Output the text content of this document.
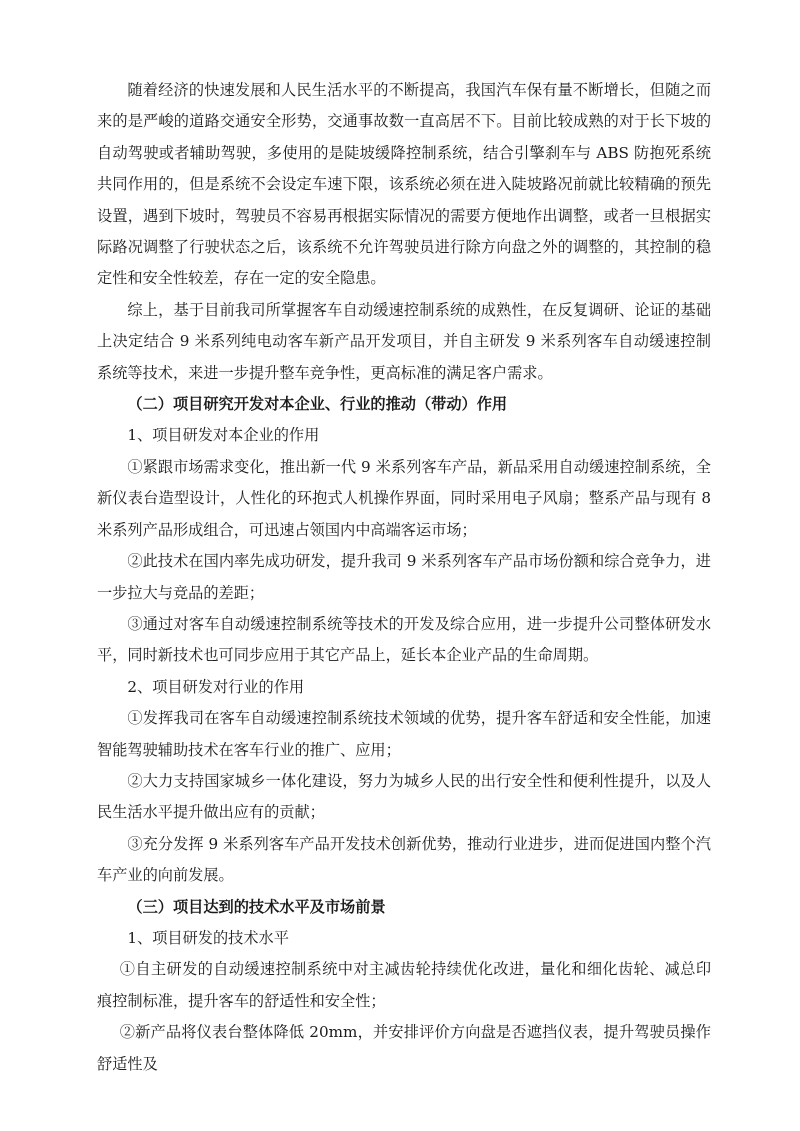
随着经济的快速发展和人民生活水平的不断提高，我国汽车保有量不断增长，但随之而来的是严峻的道路交通安全形势，交通事故数一直高居不下。目前比较成熟的对于长下坡的自动驾驶或者辅助驾驶，多使用的是陡坡缓降控制系统，结合引擎刹车与 ABS 防抱死系统共同作用的，但是系统不会设定车速下限，该系统必须在进入陡坡路况前就比较精确的预先设置，遇到下坡时，驾驶员不容易再根据实际情况的需要方便地作出调整，或者一旦根据实际路况调整了行驶状态之后，该系统不允许驾驶员进行除方向盘之外的调整的，其控制的稳定性和安全性较差，存在一定的安全隐患。

综上，基于目前我司所掌握客车自动缓速控制系统的成熟性，在反复调研、论证的基础上决定结合 9 米系列纯电动客车新产品开发项目，并自主研发 9 米系列客车自动缓速控制系统等技术，来进一步提升整车竞争性，更高标准的满足客户需求。

（二）项目研究开发对本企业、行业的推动（带动）作用

1、项目研发对本企业的作用

①紧跟市场需求变化，推出新一代 9 米系列客车产品，新品采用自动缓速控制系统，全新仪表台造型设计，人性化的环抱式人机操作界面，同时采用电子风扇；整系产品与现有 8 米系列产品形成组合，可迅速占领国内中高端客运市场；

②此技术在国内率先成功研发，提升我司 9 米系列客车产品市场份额和综合竞争力，进一步拉大与竞品的差距；

③通过对客车自动缓速控制系统等技术的开发及综合应用，进一步提升公司整体研发水平，同时新技术也可同步应用于其它产品上，延长本企业产品的生命周期。

2、项目研发对行业的作用

①发挥我司在客车自动缓速控制系统技术领域的优势，提升客车舒适和安全性能，加速智能驾驶辅助技术在客车行业的推广、应用；

②大力支持国家城乡一体化建设，努力为城乡人民的出行安全性和便利性提升，以及人民生活水平提升做出应有的贡献；

③充分发挥 9 米系列客车产品开发技术创新优势，推动行业进步，进而促进国内整个汽车产业的向前发展。

（三）项目达到的技术水平及市场前景

1、项目研发的技术水平

①自主研发的自动缓速控制系统中对主减齿轮持续优化改进，量化和细化齿轮、减总印痕控制标准，提升客车的舒适性和安全性；

②新产品将仪表台整体降低 20mm，并安排评价方向盘是否遮挡仪表，提升驾驶员操作舒适性及
